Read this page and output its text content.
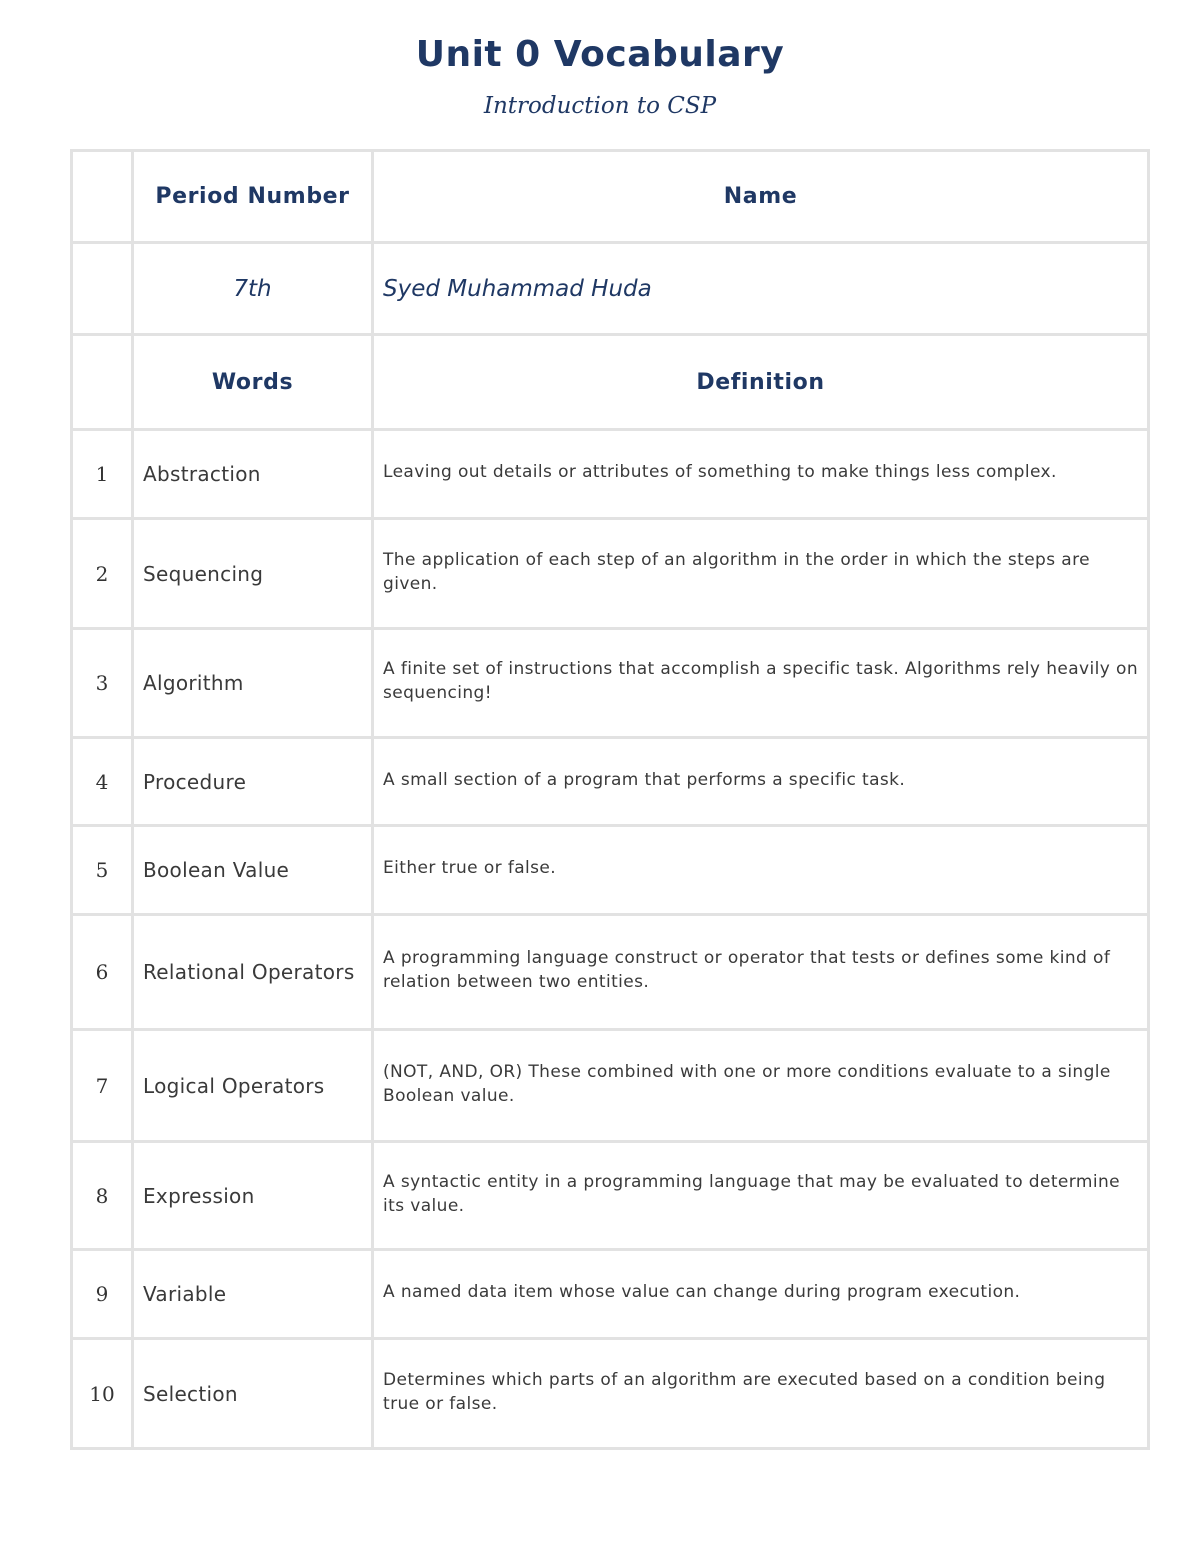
Unit 0 Vocabulary
Introduction to CSP
	Period Number	Name
	7th	Syed Muhammad Huda
	Words	Definition
1	Abstraction	Leaving out details or attributes of something to make things less complex.

2	Sequencing	The application of each step of an algorithm in the order in which the steps are given.

3	Algorithm	A finite set of instructions that accomplish a specific task. Algorithms rely heavily on sequencing!

4	Procedure	A small section of a program that performs a specific task.

5	Boolean Value	Either true or false.

6	Relational Operators	A programming language construct or operator that tests or defines some kind of relation between two entities.

7	Logical Operators	(NOT, AND, OR) These combined with one or more conditions evaluate to a single Boolean value.

8	Expression	A syntactic entity in a programming language that may be evaluated to determine its value.

9	Variable	A named data item whose value can change during program execution.

10	Selection	Determines which parts of an algorithm are executed based on a condition being true or false.
